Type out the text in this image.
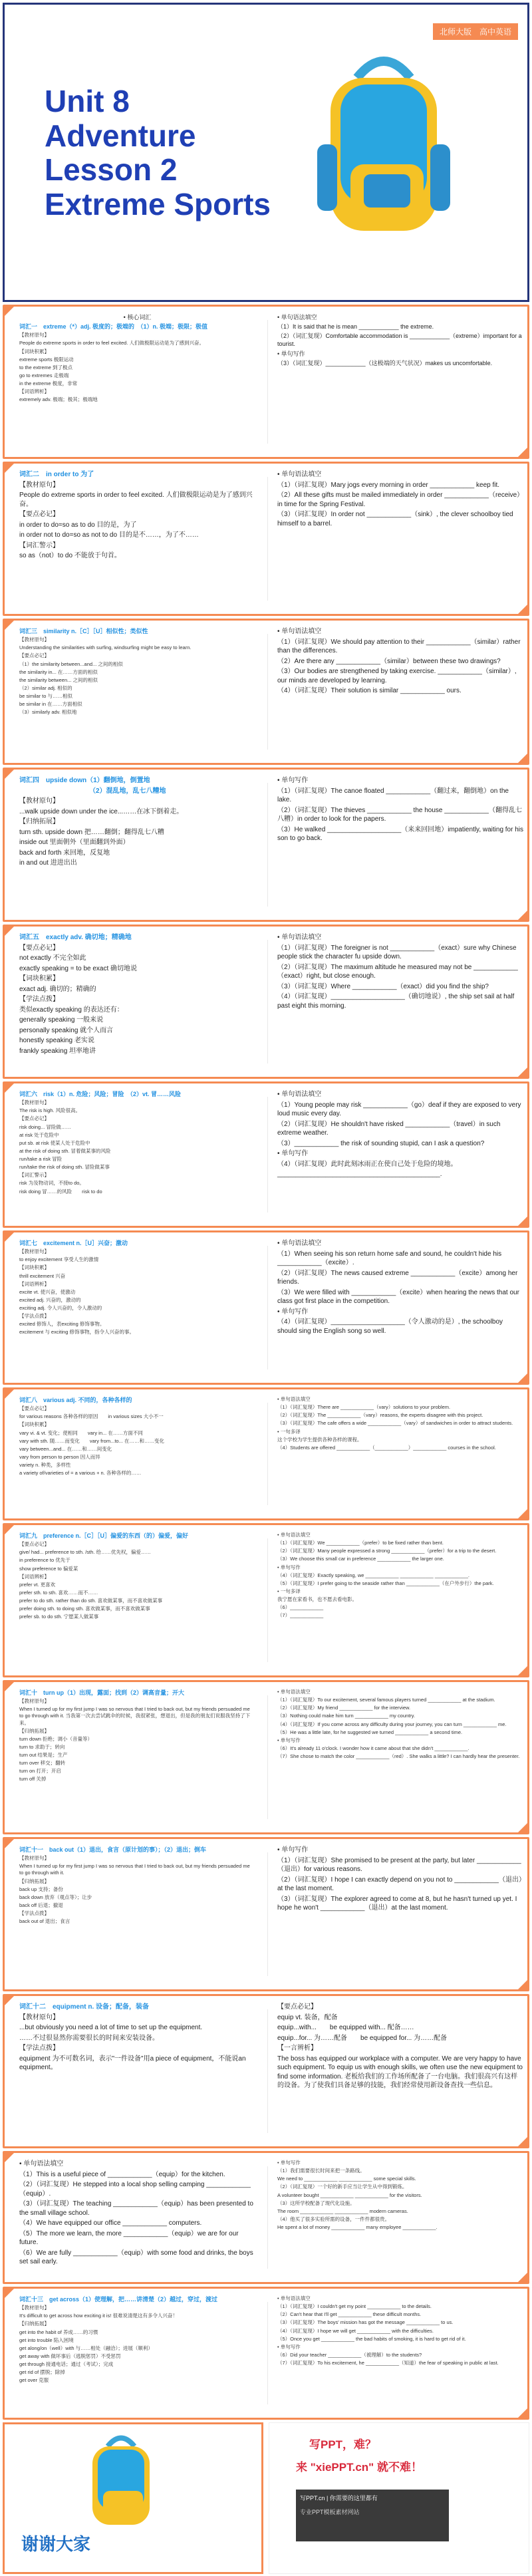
北师大版　高中英语
Unit 8
Adventure
Lesson 2
Extreme Sports

• 核心词汇

词汇一　extreme（*）adj. 极度的；极端的　（1）n. 极端；极限；极值

【教材原句】

People do extreme sports in order to feel excited. 人们做极限运动是为了感到兴奋。

【词块积累】

extreme sports 极限运动

to the extreme 到了极点

go to extremes 走极端

in the extreme 极度，非常

【词语辨析】

extremely adv. 极端；极其；极端地

• 单句语法填空

（1）It is said that he is mean ____________ the extreme.

（2）（词汇复现）Comfortable accommodation is ____________（extreme）important for a tourist.

• 单句写作

（3）（词汇复现）____________（这极端的天气状况）makes us uncomfortable.

词汇二　in order to 为了

【教材原句】

People do extreme sports in order to feel excited. 人们做极限运动是为了感到兴奋。

【要点必记】

in order to do=so as to do 目的是，为了

in order not to do=so as not to do 目的是不……，为了不……

【词汇警示】

so as（not）to do 不能放于句首。

• 单句语法填空

（1）（词汇复现）Mary jogs every morning in order ____________ keep fit.

（2）All these gifts must be mailed immediately in order ____________（receive）in time for the Spring Festival.

（3）（词汇复现）In order not ____________（sink）, the clever schoolboy tied himself to a barrel.

词汇三　similarity n.［C］［U］相似性；类似性

【教材原句】

Understanding the similarities with surfing, windsurfing might be easy to learn.

【要点必记】

（1）the similarity between...and... 之间的相似

the similarity in... 在……方面的相似

the similarity between... 之间的相似

（2）similar adj. 相似的

be similar to 与……相似

be similar in 在……方面相似

（3）similarly adv. 相似地

• 单句语法填空

（1）（词汇复现）We should pay attention to their ____________（similar）rather than the differences.

（2）Are there any ____________（similar）between these two drawings?

（3）Our bodies are strengthened by taking exercise. ____________（similar）, our minds are developed by learning.

（4）（词汇复现）Their solution is similar ____________ ours.

词汇四　upside down（1）翻倒地，倒置地

　　　　　　　　　　　（2）混乱地，乱七八糟地

【教材原句】

...walk upside down under the ice...……在冰下倒着走。

【归纳拓展】

turn sth. upside down 把……翻倒；翻得乱七八糟

inside out 里面朝外（里面翻到外面）

back and forth 来回地，反复地

in and out 进进出出

• 单句写作

（1）（词汇复现）The canoe floated ____________（翻过来，翻倒地）on the lake.

（2）（词汇复现）The thieves ____________ the house ____________（翻得乱七八糟）in order to look for the papers.

（3）He walked ____________________（来来回回地）impatiently, waiting for his son to go back.

词汇五　exactly adv. 确切地；精确地

【要点必记】

not exactly 不完全如此

exactly speaking = to be exact 确切地说

【词块积累】

exact adj. 确切的；精确的

【学法点拨】

类似exactly speaking 的表达还有：

generally speaking 一般来说

personally speaking 就个人而言

honestly speaking 老实说

frankly speaking 坦率地讲

• 单句语法填空

（1）（词汇复现）The foreigner is not ____________（exact）sure why Chinese people stick the character fu upside down.

（2）（词汇复现）The maximum altitude he measured may not be ____________（exact）right, but close enough.

（3）（词汇复现）Where ____________（exact）did you find the ship?

（4）（词汇复现）____________________（确切地说）, the ship set sail at half past eight this morning.

词汇六　risk（1）n. 危险；风险；冒险　（2）vt. 冒……风险

【教材原句】

The risk is high. 风险很高。

【要点必记】

risk doing... 冒险做……

at risk 处于危险中

put sb. at risk 使某人处于危险中

at the risk of doing sth. 冒着做某事的风险

run/take a risk 冒险

run/take the risk of doing sth. 冒险做某事

【词汇警示】

risk 为及物动词，不接to do。

risk doing 冒……的风险　　risk to do

• 单句语法填空

（1）Young people may risk ____________（go）deaf if they are exposed to very loud music every day.

（2）（词汇复现）He shouldn't have risked ____________（travel）in such extreme weather.

（3）____________ the risk of sounding stupid, can I ask a question?

• 单句写作

（4）（词汇复现）此时此刻冰雨正在使自己处于危险的境地。

____________________________________________.

词汇七　excitement n.［U］兴奋；激动

【教材原句】

to enjoy excitement 享受人生的激情

【词块积累】

thrill excitement 兴奋

【词语辨析】

excite vt. 使兴奋，使激动

excited adj. 兴奋的，激动的

exciting adj. 令人兴奋的，令人激动的

【学法点拨】

excited 修饰人，表exciting 修饰事物。

excitement 与 exciting 修饰事物，指令人兴奋的事。

• 单句语法填空

（1）When seeing his son return home safe and sound, he couldn't hide his ____________（excite）.

（2）（词汇复现）The news caused extreme ____________（excite）among her friends.

（3）We were filled with ____________（excite）when hearing the news that our class got first place in the competition.

• 单句写作

（4）（词汇复现）____________________（令人激动的是）, the schoolboy should sing the English song so well.

词汇八　various adj. 不同的，各种各样的

【要点必记】

for various reasons 各种各样的原因　　in various sizes 大小不一

【词块积累】

vary vi. & vt. 变化；使相同　　vary in... 在……方面不同

vary with sth. 随……而变化　　vary from...to... 在……和……变化

vary between...and... 在……和……间变化

vary from person to person 因人而异

variety n. 种类，多样性

a variety of/varieties of = a various + n. 各种各样的……

• 单句语法填空

（1）（词汇复现）There are ____________（vary）solutions to your problem.

（2）（词汇复现）The ____________（vary）reasons, the experts disagree with this project.

（3）（词汇复现）The cafe offers a wide ____________（vary）of sandwiches in order to attract students.

• 一句多译

这个学校为学生提供各种各样的课程。

（4）Students are offered ____________（____________）____________ courses in the school.

词汇九　preference n.［C］［U］偏爱的东西（的）偏爱，偏好

【要点必记】

give/ had... preference to sth. /sth. 给……优先权，偏爱……

in preference to 优先于

show preference to 偏爱某

【词语辨析】

prefer vt. 更喜欢

prefer sth. to sth. 喜欢……而不……

prefer to do sth. rather than do sth. 喜欢做某事，而不喜欢做某事

prefer doing sth. to doing sth. 喜欢做某事，而不喜欢做某事

prefer sb. to do sth. 宁愿某人做某事

• 单句语法填空

（1）（词汇复现）We ____________（prefer）to be fixed rather than bent.

（2）（词汇复现）Many people expressed a strong ____________（prefer）for a trip to the desert.

（3）We choose this small car in preference ____________ the larger one.

• 单句写作

（4）（词汇复现）Exactly speaking, we ____________ ____________ ____________.

（5）（词汇复现）I prefer going to the seaside rather than ____________（在户外步行）the park.

• 一句多译

我宁愿在家看书，也不愿去看电影。

（6）____________

（7）____________

词汇十　turn up（1）出现，露面；找到（2）调高音量；开大

【教材原句】

When I turned up for my first jump I was so nervous that I tried to back out, but my friends persuaded me to go through with it. 当我第一次去尝试跳伞的时候，我很紧张，想退出，但是我的朋友们说服我坚持了下来。

【归纳拓展】

turn down 拒绝；调小（音量等）

turn to 求助于；转向

turn out 结果是；生产

turn over 移交；翻转

turn on 打开；开启

turn off 关掉

• 单句语法填空

（1）（词汇复现）To our excitement, several famous players turned ____________ at the stadium.

（2）（词汇复现）My friend ____________ for the interview.

（3）Nothing could make him turn ____________ my country.

（4）（词汇复现）If you come across any difficulty during your journey, you can turn ____________ me.

（5）He was a little late, for he suggested we turned ____________ a second time.

• 单句写作

（6）It's already 11 o'clock. I wonder how it came about that she didn't ____________.

（7）She chose to match the color ____________（red）. She walks a little? I can hardly hear the presenter.

词汇十一　back out（1）退出，食言（原计划的事）；（2）退出；倒车

【教材原句】

When I turned up for my first jump I was so nervous that I tried to back out, but my friends persuaded me to go through with it.

【归纳拓展】

back up 支持；备份

back down 放弃（观点等）；让步

back off 后退；撤退

【学法点拨】

back out of 退出；食言

• 单句写作

（1）（词汇复现）She promised to be present at the party, but later ____________（退出）for various reasons.

（2）（词汇复现）I hope I can exactly depend on you not to ____________（退出）at the last moment.

（3）（词汇复现）The explorer agreed to come at 8, but he hasn't turned up yet. I hope he won't ____________（退出）at the last moment.

词汇十二　equipment n. 设备；配备，装备

【教材原句】

...but obviously you need a lot of time to set up the equipment.

……不过很显然你需要很长的时间来安装设备。

【学法点拨】

equipment 为不可数名词，表示"一件设备"用a piece of equipment，不能说an equipment。

【要点必记】

equip vt. 装备，配备

equip...with...　　be equipped with... 配备……

equip...for... 为……配备　　be equipped for... 为……配备

【一言辨析】

The boss has equipped our workplace with a computer. We are very happy to have such equipment. To equip us with enough skills, we often use the new equipment to find some information. 老板给我们的工作场所配备了一台电脑。我们很高兴有这样的设备。为了使我们具备足够的技能，我们经常使用新设备查找一些信息。

• 单句语法填空

（1）This is a useful piece of ____________（equip）for the kitchen.

（2）（词汇复现）He stepped into a local shop selling camping ____________（equip）.

（3）（词汇复现）The teaching ____________（equip）has been presented to the small village school.

（4）We have equipped our office ____________ computers.

（5）The more we learn, the more ____________（equip）we are for our future.

（6）We are fully ____________（equip）with some food and drinks, the boys set sail early.

• 单句写作

（1）我们需要很长时间来把一条路线。

We need to ____________ ____________ some special skills.

（2）（词汇复现）一个好的新手应当让学生从中得到锻炼。

A volunteer bought ____________ ____________ for the visitors.

（3）这所学校配备了现代化设施。

The room ____________ ____________ modern cameras.

（4）他买了很多实验所需的设备，一件件都很贵。

He spent a lot of money ____________ many employee ____________.

词汇十三　get across（1）使理解，把……讲清楚（2）越过，穿过，渡过

【教材原句】

It's difficult to get across how exciting it is! 很难说清楚这有多令人兴奋！

【归纳拓展】

get into the habit of 养成……的习惯

get into trouble 陷入困境

get along/on（well）with 与……相处（融洽）；进展（顺利）

get away with 做坏事后（逃脱惩罚）不受惩罚

get through 接通电话；通过（考试）；完成

get rid of 摆脱；除掉

get over 克服

• 单句语法填空

（1）（词汇复现）I couldn't get my point ____________ to the details.

（2）Can't hear that I'll get ____________ these difficult months.

（3）（词汇复现）The boys' mission has got the message ____________ to us.

（4）（词汇复现）I hope we will get ____________ with the difficulties.

（5）Once you get ____________ the bad habits of smoking, it is hard to get rid of it.

• 单句写作

（6）Did your teacher ____________（被理解）to the students?

（7）（词汇复现）To his excitement, he ____________（知道）the fear of speaking in public at last.

谢谢大家
写PPT，难？
来 "xiePPT.cn" 就不难！
写PPT.cn | 你需要的这里都有
专业PPT模板素材网站
